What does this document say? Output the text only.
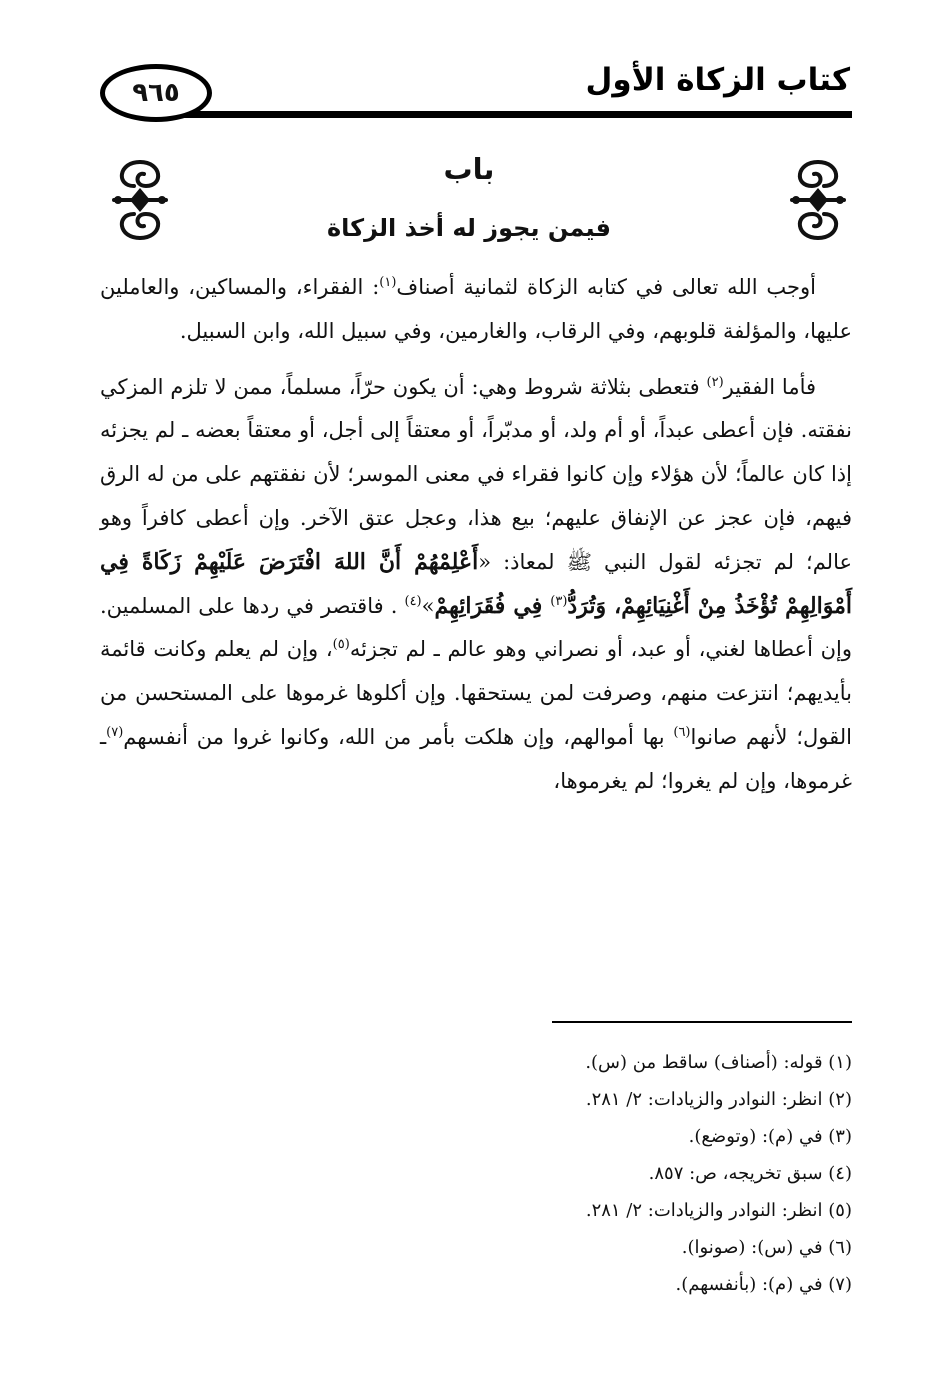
كتاب الزكاة الأول
٩٦٥
باب
فيمن يجوز له أخذ الزكاة

أوجب الله تعالى في كتابه الزكاة لثمانية أصناف$^{(١)}$: الفقراء، والمساكين، والعاملين عليها، والمؤلفة قلوبهم، وفي الرقاب، والغارمين، وفي سبيل الله، وابن السبيل.

فأما الفقير$^{(٢)}$ فتعطى بثلاثة شروط وهي: أن يكون حرّاً، مسلماً، ممن لا تلزم المزكي نفقته. فإن أعطى عبداً، أو أم ولد، أو مدبّراً، أو معتقاً إلى أجل، أو معتقاً بعضه ـ لم يجزئه إذا كان عالماً؛ لأن هؤلاء وإن كانوا فقراء في معنى الموسر؛ لأن نفقتهم على من له الرق فيهم، فإن عجز عن الإنفاق عليهم؛ بيع هذا، وعجل عتق الآخر. وإن أعطى كافراً وهو عالم؛ لم تجزئه لقول النبي ﷺ لمعاذ: «أَعْلِمْهُمْ أَنَّ اللهَ افْتَرَضَ عَلَيْهِمْ زَكَاةً فِي أَمْوَالِهِمْ تُؤْخَذُ مِنْ أَغْنِيَائِهِمْ، وَتُرَدُّ$^{(٣)}$ فِي فُقَرَائِهِمْ»$^{(٤)}$ . فاقتصر في ردها على المسلمين. وإن أعطاها لغني، أو عبد، أو نصراني وهو عالم ـ لم تجزئه$^{(٥)}$، وإن لم يعلم وكانت قائمة بأيديهم؛ انتزعت منهم، وصرفت لمن يستحقها. وإن أكلوها غرموها على المستحسن من القول؛ لأنهم صانوا$^{(٦)}$ بها أموالهم، وإن هلكت بأمر من الله، وكانوا غروا من أنفسهم$^{(٧)}$ـ غرموها، وإن لم يغروا؛ لم يغرموها،

(١) قوله: (أصناف) ساقط من (س).
(٢) انظر: النوادر والزيادات: ٢/ ٢٨١.
(٣) في (م): (وتوضع).
(٤) سبق تخريجه، ص: ٨٥٧.
(٥) انظر: النوادر والزيادات: ٢/ ٢٨١.
(٦) في (س): (صونوا).
(٧) في (م): (بأنفسهم).
